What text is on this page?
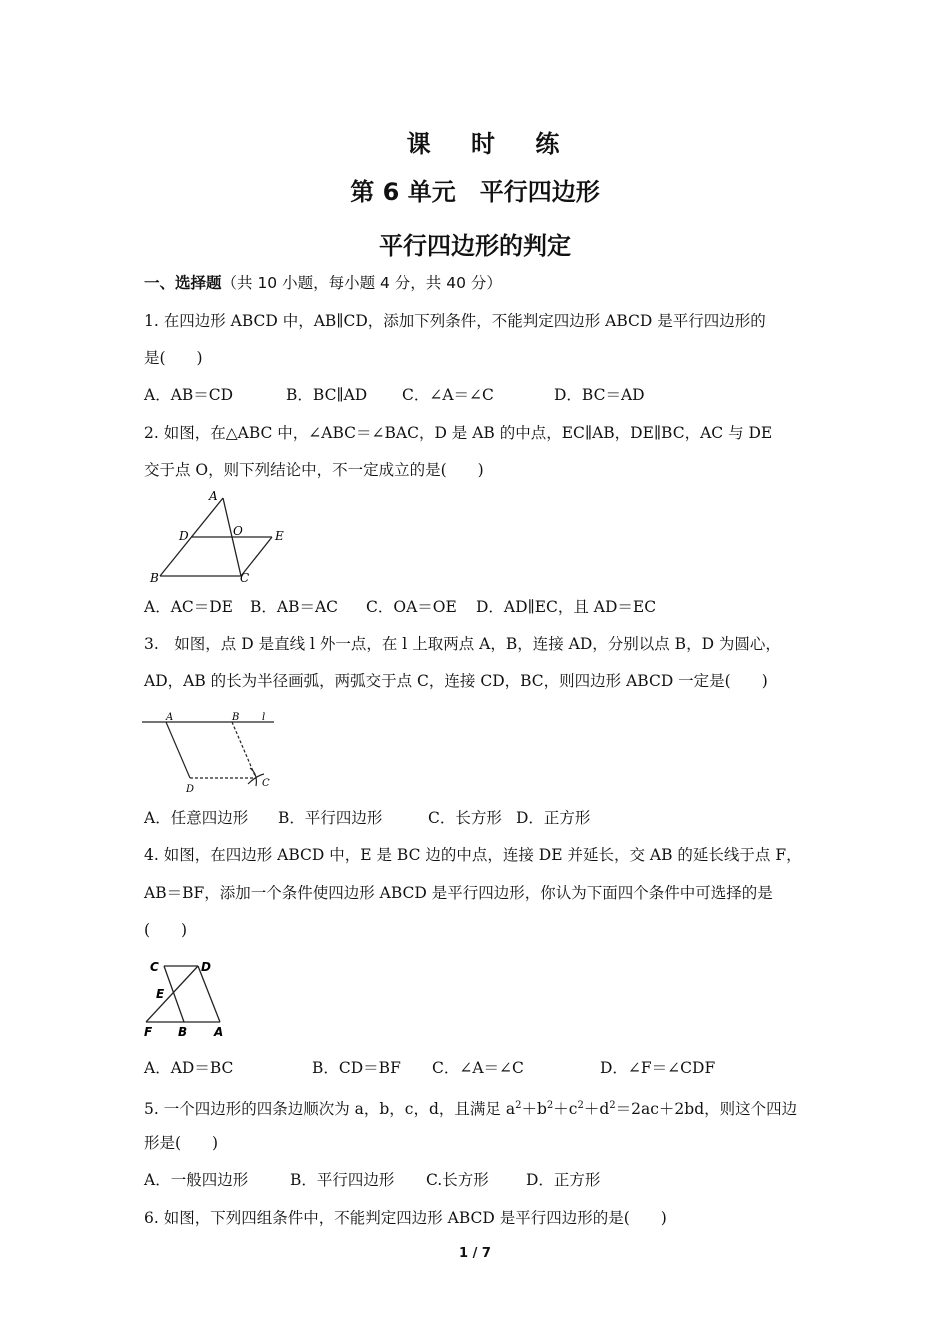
课 时 练
第 6 单元　平行四边形
平行四边形的判定
一、选择题（共 10 小题，每小题 4 分，共 40 分）
1. 在四边形 ABCD 中，AB∥CD，添加下列条件，不能判定四边形 ABCD 是平行四边形的
是(　　)
A．AB＝CD	B．BC∥AD C．∠A＝∠C	D．BC＝AD
2. 如图，在△ABC 中，∠ABC＝∠BAC，D 是 AB 的中点，EC∥AB，DE∥BC，AC 与 DE
交于点 O，则下列结论中，不一定成立的是(　　)
A
D	O	E
B	C
A．AC＝DE B．AB＝AC C．OA＝OE D．AD∥EC，且 AD＝EC
3.　如图，点 D 是直线 l 外一点，在 l 上取两点 A，B，连接 AD，分别以点 B，D 为圆心，
AD，AB 的长为半径画弧，两弧交于点 C，连接 CD，BC，则四边形 ABCD 一定是(　　)
A	B l
D
C
A．任意四边形 B．平行四边形	C．长方形 D．正方形
4. 如图，在四边形 ABCD 中，E 是 BC 边的中点，连接 DE 并延长，交 AB 的延长线于点 F，
AB＝BF，添加一个条件使四边形 ABCD 是平行四边形，你认为下面四个条件中可选择的是
(　　)
C	D
E
F B A
A．AD＝BC	B．CD＝BF C．∠A＝∠C	D．∠F＝∠CDF
5. 一个四边形的四条边顺次为 a，b，c，d，且满足 $a^2+b^2+c^2+d^2=2ac+2bd$，则这个四边
形是(　　)
A．一般四边形	B．平行四边形 C.长方形 D．正方形
6. 如图，下列四组条件中，不能判定四边形 ABCD 是平行四边形的是(　　)
1 / 7
